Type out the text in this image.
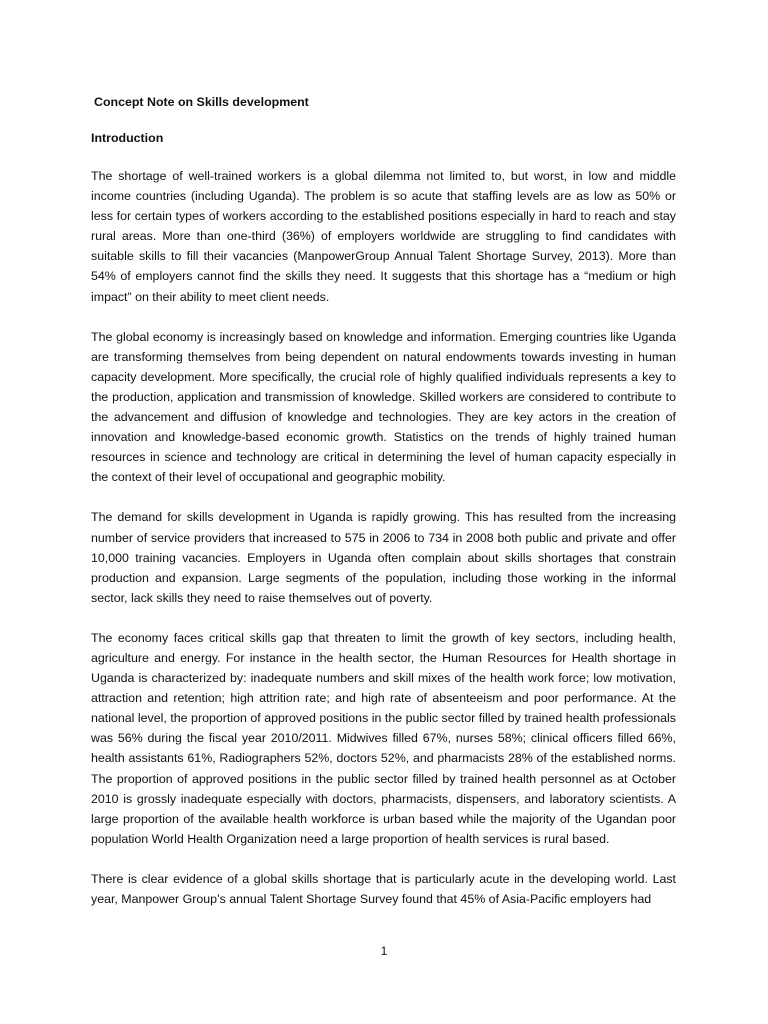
Concept Note on Skills development
Introduction

The shortage of well-trained workers is a global dilemma not limited to, but worst, in low and middle income countries (including Uganda). The problem is so acute that staffing levels are as low as 50% or less for certain types of workers according to the established positions especially in hard to reach and stay rural areas. More than one-third (36%) of employers worldwide are struggling to find candidates with suitable skills to fill their vacancies (ManpowerGroup Annual Talent Shortage Survey, 2013). More than 54% of employers cannot find the skills they need. It suggests that this shortage has a “medium or high impact” on their ability to meet client needs.

The global economy is increasingly based on knowledge and information. Emerging countries like Uganda are transforming themselves from being dependent on natural endowments towards investing in human capacity development. More specifically, the crucial role of highly qualified individuals represents a key to the production, application and transmission of knowledge. Skilled workers are considered to contribute to the advancement and diffusion of knowledge and technologies. They are key actors in the creation of innovation and knowledge-based economic growth. Statistics on the trends of highly trained human resources in science and technology are critical in determining the level of human capacity especially in the context of their level of occupational and geographic mobility.

The demand for skills development in Uganda is rapidly growing. This has resulted from the increasing number of service providers that increased to 575 in 2006 to 734 in 2008 both public and private and offer 10,000 training vacancies. Employers in Uganda often complain about skills shortages that constrain production and expansion. Large segments of the population, including those working in the informal sector, lack skills they need to raise themselves out of poverty.

The economy faces critical skills gap that threaten to limit the growth of key sectors, including health, agriculture and energy. For instance in the health sector, the Human Resources for Health shortage in Uganda is characterized by: inadequate numbers and skill mixes of the health work force; low motivation, attraction and retention; high attrition rate; and high rate of absenteeism and poor performance. At the national level, the proportion of approved positions in the public sector filled by trained health professionals was 56% during the fiscal year 2010/2011. Midwives filled 67%, nurses 58%; clinical officers filled 66%, health assistants 61%, Radiographers 52%, doctors 52%, and pharmacists 28% of the established norms. The proportion of approved positions in the public sector filled by trained health personnel as at October 2010 is grossly inadequate especially with doctors, pharmacists, dispensers, and laboratory scientists. A large proportion of the available health workforce is urban based while the majority of the Ugandan poor population World Health Organization need a large proportion of health services is rural based.

There is clear evidence of a global skills shortage that is particularly acute in the developing world. Last year, Manpower Group’s annual Talent Shortage Survey found that 45% of Asia-Pacific employers had

1
